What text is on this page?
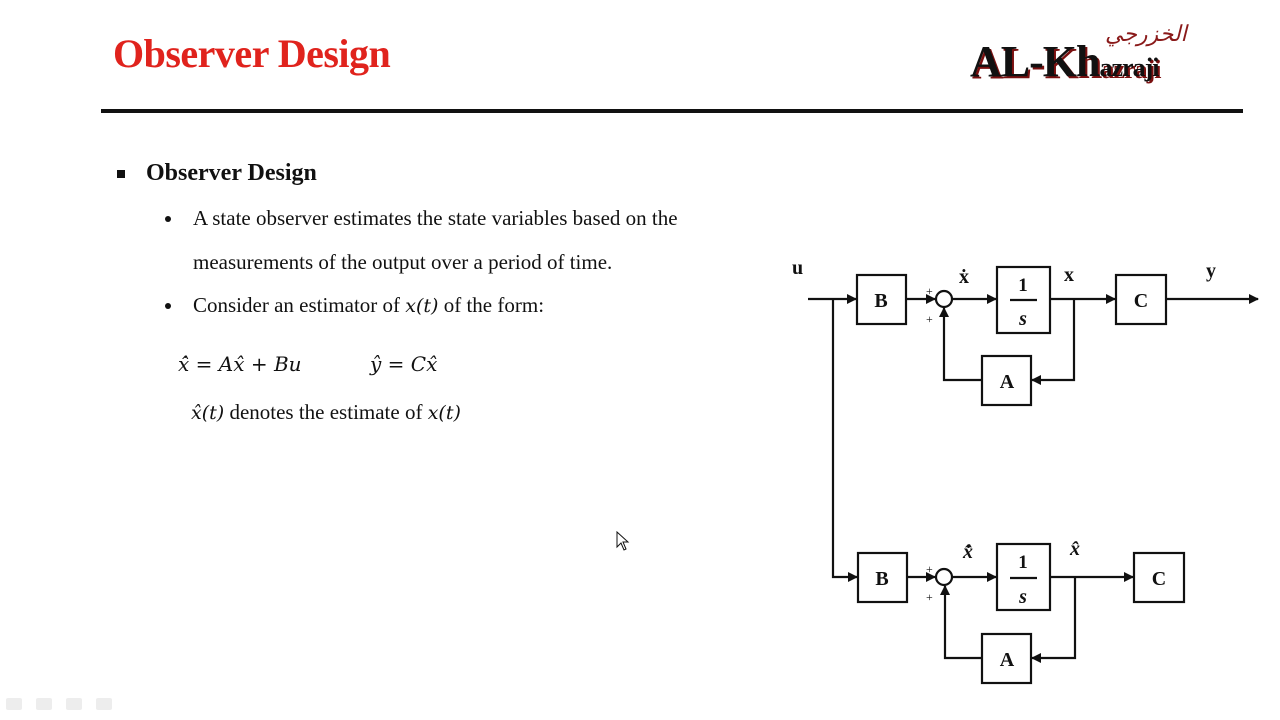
Observer Design	الخزرجي
AL-Khazraji
Observer Design
A state observer estimates the state variables based on the
measurements of the output over a period of time.
Consider an estimator of x(t) of the form:
x̂̇ = Ax̂ + Bu	ŷ = Cx̂
x̂(t) denotes the estimate of x(t)
u	y
B
1
s
C
A
ẋ	x
+
+
B
1
s
C
A
x̂̇	x̂
+
+
